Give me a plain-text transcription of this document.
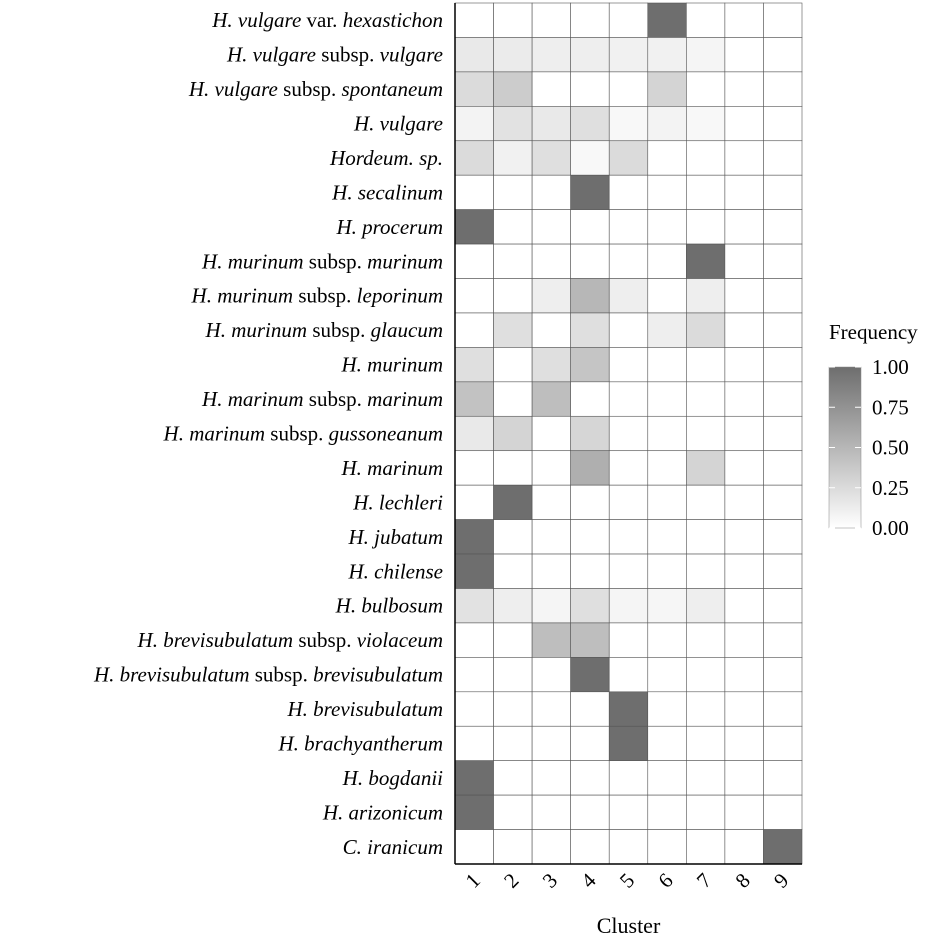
H. vulgare var. hexastichon
H. vulgare subsp. vulgare
H. vulgare subsp. spontaneum
H. vulgare
Hordeum. sp.
H. secalinum
H. procerum
H. murinum subsp. murinum
H. murinum subsp. leporinum
H. murinum subsp. glaucum
H. murinum
H. marinum subsp. marinum
H. marinum subsp. gussoneanum
H. marinum
H. lechleri
H. jubatum
H. chilense
H. bulbosum
H. brevisubulatum subsp. violaceum
H. brevisubulatum subsp. brevisubulatum
H. brevisubulatum
H. brachyantherum
H. bogdanii
H. arizonicum
C. iranicum
1 2 3 4 5 6 7 8 9
Cluster
Frequency
1.00
0.75
0.50
0.25
0.00
